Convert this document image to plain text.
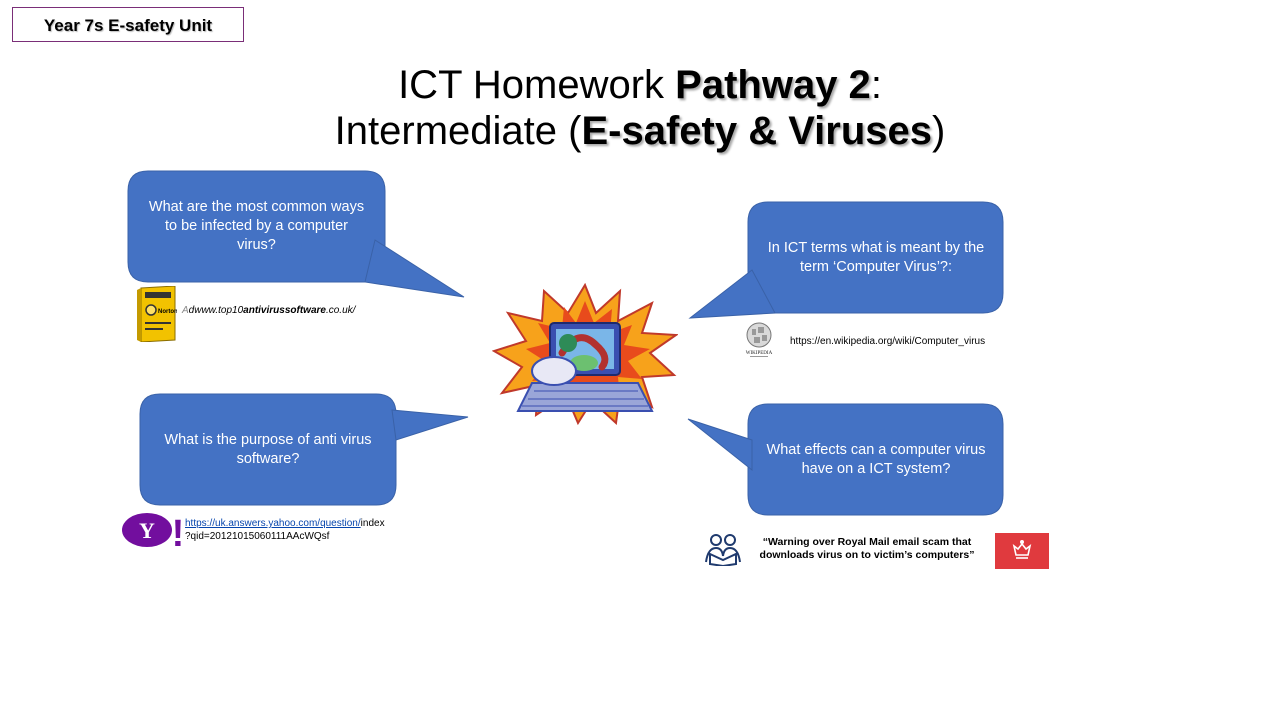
Year 7s E-safety Unit
ICT Homework Pathway 2:
Intermediate (E-safety & Viruses)
What are the most common ways to be infected by a computer virus?	In ICT terms what is meant by the term ‘Computer Virus’?:
What is the purpose of anti virus software?
What effects can a computer virus have on a ICT system?
Norton Adwww.top10antivirussoftware.co.uk/
WIKIPEDIA
https://en.wikipedia.org/wiki/Computer_virus
Y ! https://uk.answers.yahoo.com/question/index
?qid=20121015060111AAcWQsf	“Warning over Royal Mail email scam that downloads virus on to victim’s computers”
